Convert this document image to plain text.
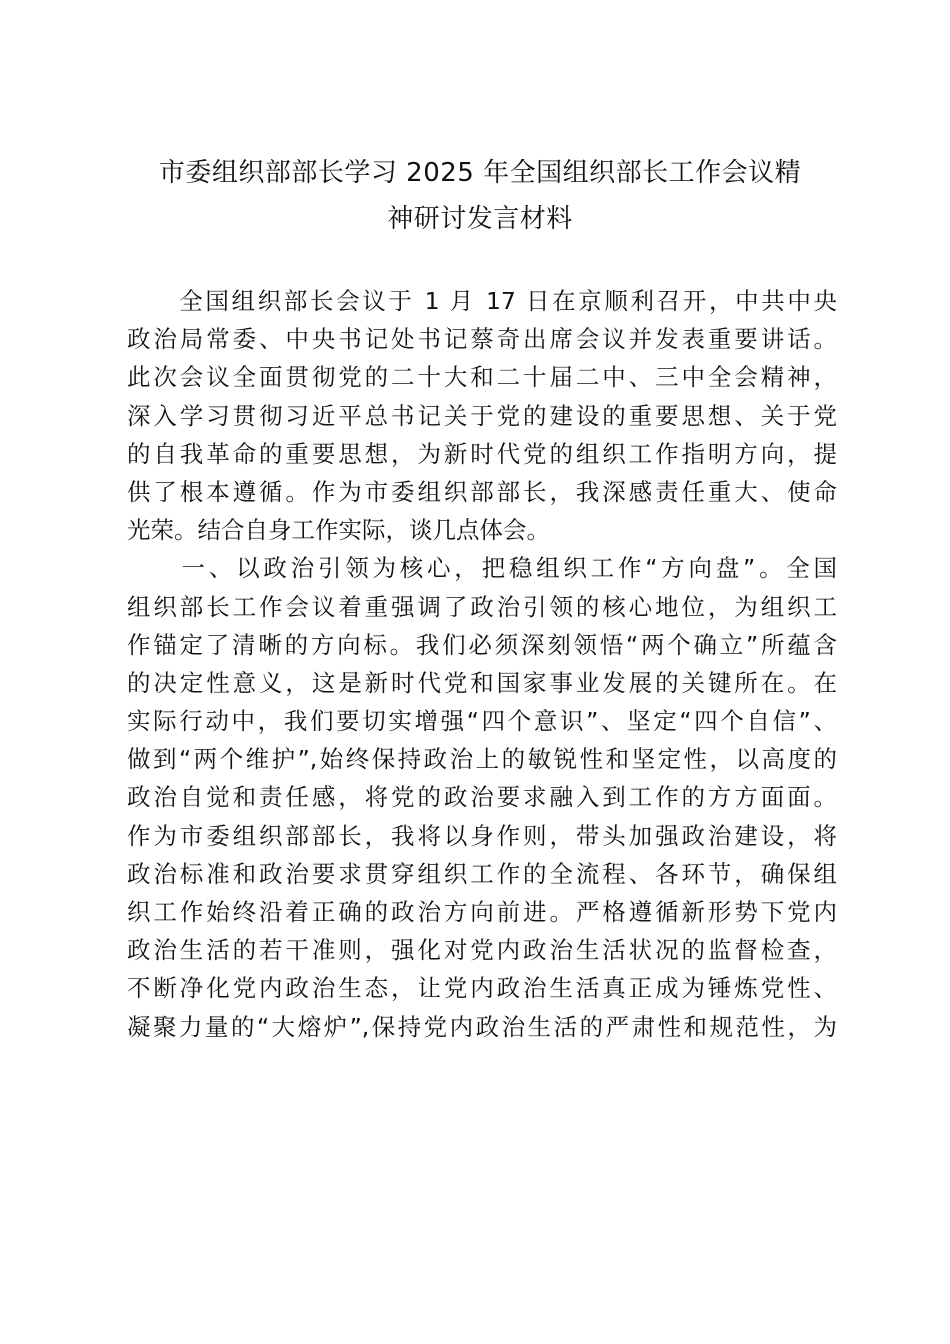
市委组织部部长学习 2025 年全国组织部长工作会议精
神研讨发言材料
　　全国组织部长会议于 1 月 17 日在京顺利召开，中共中央
政治局常委、中央书记处书记蔡奇出席会议并发表重要讲话。
此次会议全面贯彻党的二十大和二十届二中、三中全会精神，
深入学习贯彻习近平总书记关于党的建设的重要思想、关于党
的自我革命的重要思想，为新时代党的组织工作指明方向，提
供了根本遵循。作为市委组织部部长，我深感责任重大、使命
光荣。结合自身工作实际，谈几点体会。
　　一、以政治引领为核心，把稳组织工作“方向盘”。全国
组织部长工作会议着重强调了政治引领的核心地位，为组织工
作锚定了清晰的方向标。我们必须深刻领悟“两个确立”所蕴含
的决定性意义，这是新时代党和国家事业发展的关键所在。在
实际行动中，我们要切实增强“四个意识”、坚定“四个自信”、
做到“两个维护”,始终保持政治上的敏锐性和坚定性，以高度的
政治自觉和责任感，将党的政治要求融入到工作的方方面面。
作为市委组织部部长，我将以身作则，带头加强政治建设，将
政治标准和政治要求贯穿组织工作的全流程、各环节，确保组
织工作始终沿着正确的政治方向前进。严格遵循新形势下党内
政治生活的若干准则，强化对党内政治生活状况的监督检查，
不断净化党内政治生态，让党内政治生活真正成为锤炼党性、
凝聚力量的“大熔炉”,保持党内政治生活的严肃性和规范性，为
